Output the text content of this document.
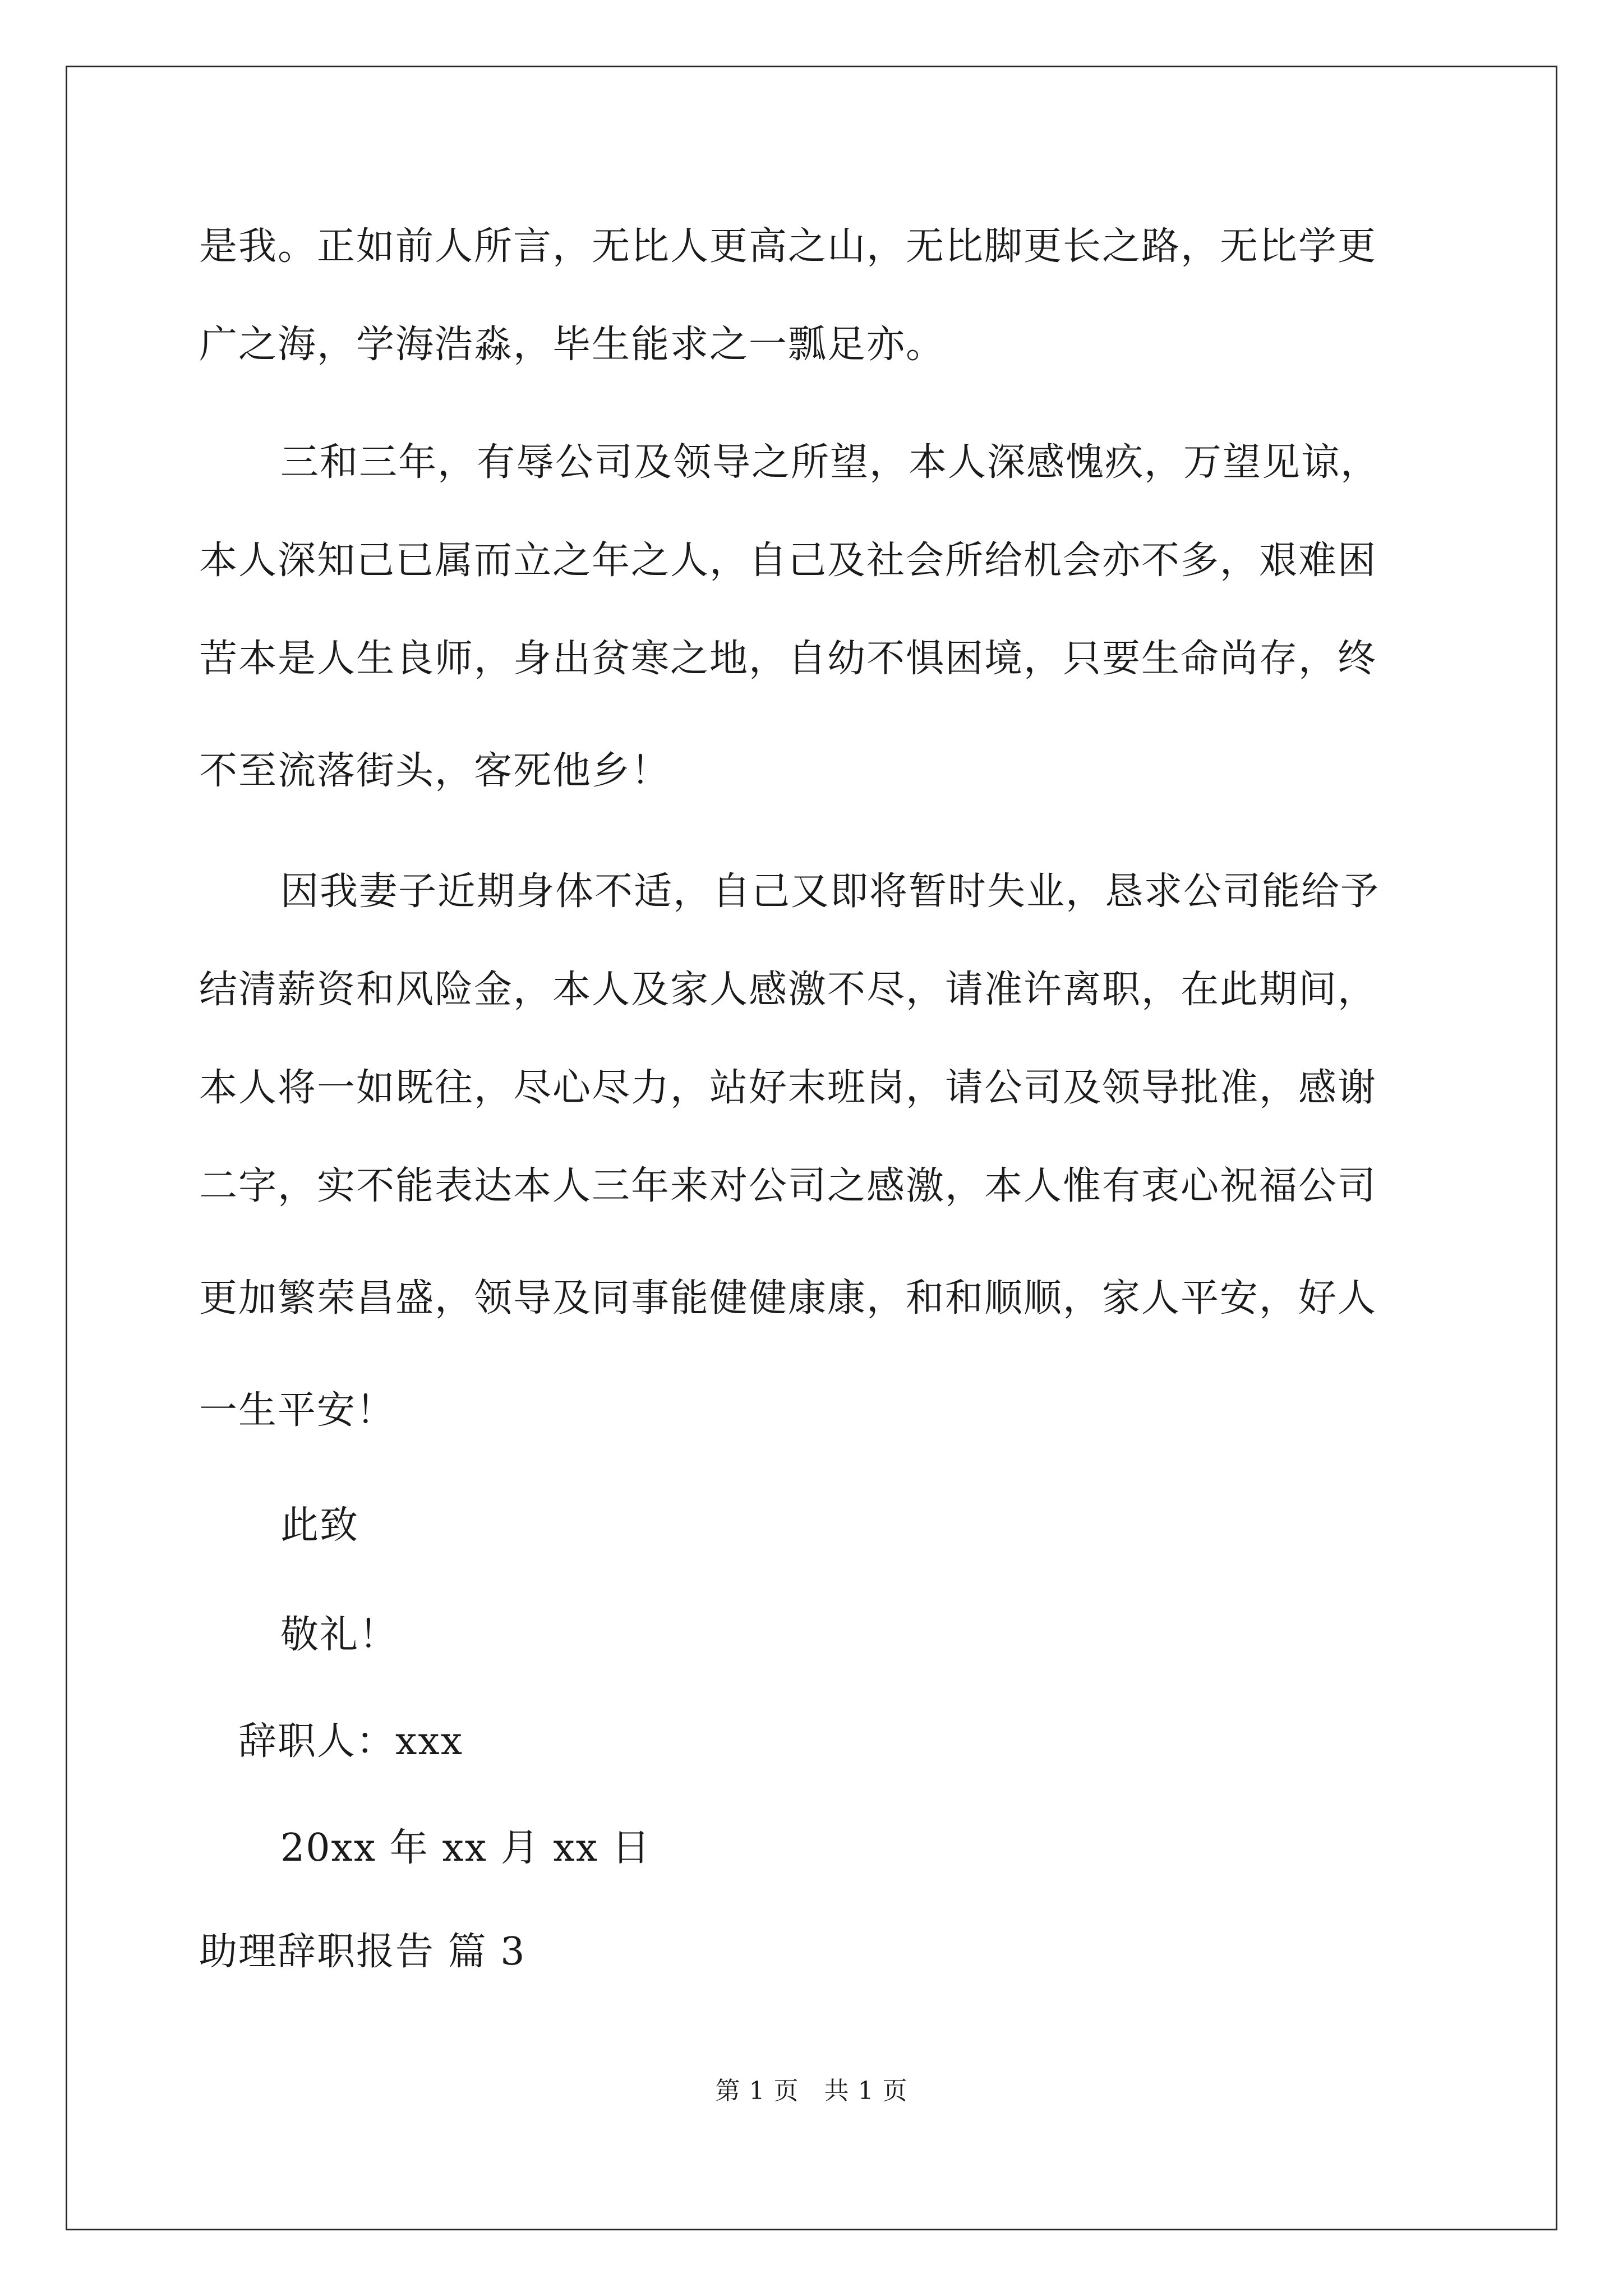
是我。正如前人所言，无比人更高之山，无比脚更长之路，无比学更

广之海，学海浩淼，毕生能求之一瓢足亦。

三和三年，有辱公司及领导之所望，本人深感愧疚，万望见谅，

本人深知己已属而立之年之人，自己及社会所给机会亦不多，艰难困

苦本是人生良师，身出贫寒之地，自幼不惧困境，只要生命尚存，终

不至流落街头，客死他乡！

因我妻子近期身体不适，自己又即将暂时失业，恳求公司能给予

结清薪资和风险金，本人及家人感激不尽，请准许离职，在此期间，

本人将一如既往，尽心尽力，站好末班岗，请公司及领导批准，感谢

二字，实不能表达本人三年来对公司之感激，本人惟有衷心祝福公司

更加繁荣昌盛，领导及同事能健健康康，和和顺顺，家人平安，好人

一生平安！

此致

敬礼！

辞职人：xxx

20xx 年 xx 月 xx 日

助理辞职报告 篇 3

第 1 页　共 1 页
